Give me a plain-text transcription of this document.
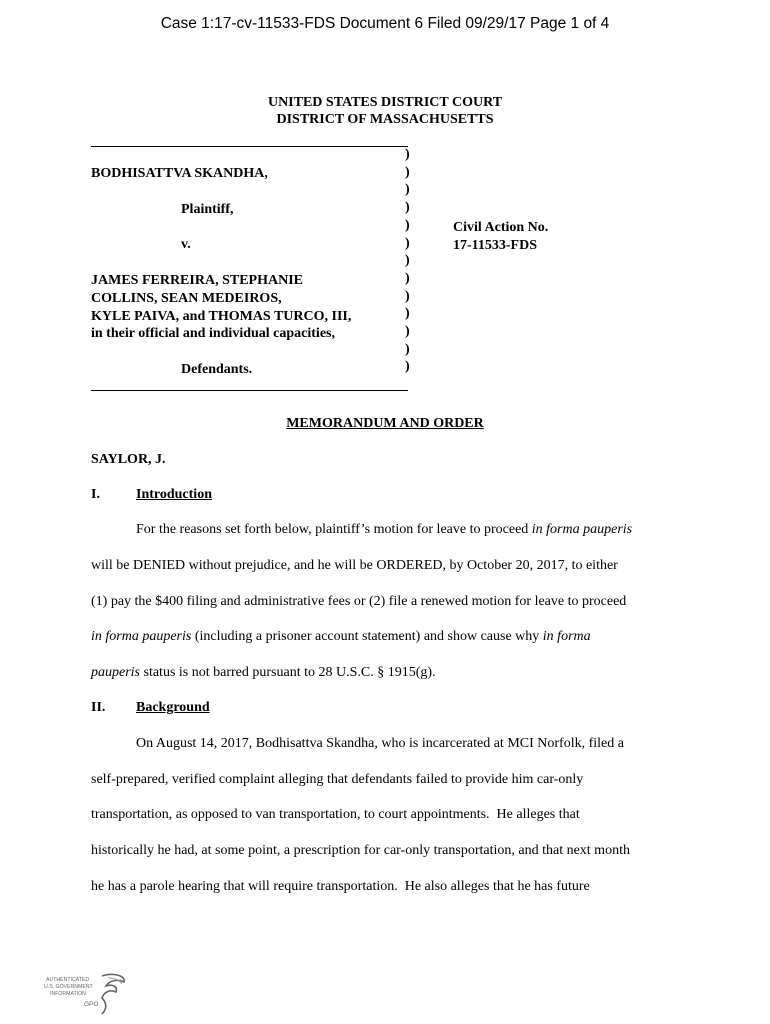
Case 1:17-cv-11533-FDS Document 6 Filed 09/29/17 Page 1 of 4
UNITED STATES DISTRICT COURT
DISTRICT OF MASSACHUSETTS
)
)
)
)
)
)
)
)
)
)
)
)
)
BODHISATTVA SKANDHA,
Plaintiff,
v.
JAMES FERREIRA, STEPHANIE
COLLINS, SEAN MEDEIROS,
KYLE PAIVA, and THOMAS TURCO, III,
in their official and individual capacities,
Defendants.
Civil Action No.
17-11533-FDS
MEMORANDUM AND ORDER
SAYLOR, J.
I.	Introduction
For the reasons set forth below, plaintiff’s motion for leave to proceed in forma pauperis
will be DENIED without prejudice, and he will be ORDERED, by October 20, 2017, to either
(1) pay the $400 filing and administrative fees or (2) file a renewed motion for leave to proceed
in forma pauperis (including a prisoner account statement) and show cause why in forma
pauperis status is not barred pursuant to 28 U.S.C. § 1915(g).
II. Background
On August 14, 2017, Bodhisattva Skandha, who is incarcerated at MCI Norfolk, filed a
self-prepared, verified complaint alleging that defendants failed to provide him car-only
transportation, as opposed to van transportation, to court appointments.  He alleges that
historically he had, at some point, a prescription for car-only transportation, and that next month
he has a parole hearing that will require transportation.  He also alleges that he has future
AUTHENTICATED
U.S. GOVERNMENT
INFORMATION
GPO
